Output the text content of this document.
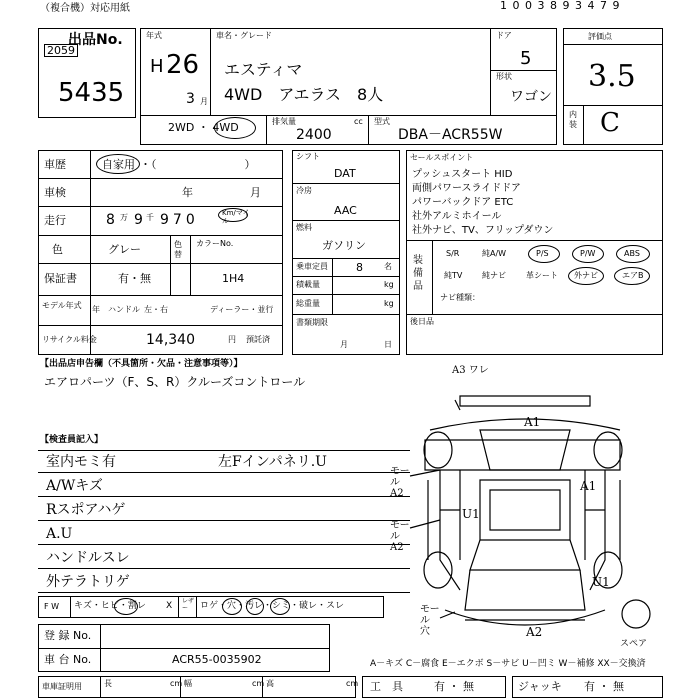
（複合機）対応用紙	1 0 0 3 8 9 3 4 7 9
出品No.
2059
5435
年式
H 26
3 月
車名・グレード
エスティマ
4WD　アエラス　8人
ドア
5
形状
ワゴン
2WD ・ 4WD	排気量	cc
2400
型式
DBA－ACR55W
評価点
3.5
内装 C
車歴	自家用 ・（　　　　　　　　）
車検	年	月
走行	8 万 9 千 970	Km/マイル
色	グレー	色替
カラーNo.
保証書	有・無	1H4
モデル年式	年 ハンドル 左・右	ディーラー・並行
リサイクル料金	14,340	円 預託済
シフト
DAT
冷房
AAC
燃料
ガソリン
乗車定員	8	名
積載量	kg
総重量	kg
書類期限
月	日
セールスポイント
プッシュスタート HID
両側パワースライドドア
パワーバックドア ETC
社外アルミホイール
社外ナビ、TV、フリップダウン
装備品
S/R	純A/W	P/S	P/W	ABS
純TV 純ナビ	革シート 外ナビ	エアB
ナビ種類：
後日品
【出品店申告欄（不具箇所・欠品・注意事項等）】
エアロパーツ（F、S、R）クルーズコントロール
【検査員記入】
室内モミ有
A/Wキズ
Rスポアハゲ
A.U
ハンドルスレ
外テラトリゲ
左Fインパネリ.U
F W キズ・ヒビ・割レ X レザー	ロゲ・穴・汚レ・シミ・破レ・スレ
登 録 No.
車 台 No.	ACR55-0035902
車庫証明用	長	cm 幅	cm 高	cm 工　具	有 ・ 無	ジャッキ 有 ・ 無
A－キズ C－腐食 E－エクボ S－サビ U－凹ミ W－補修 XX－交換済
A3 ワレ
A1
A1
モール A2
U1
モール A2
U1
モール 穴	A2
スペア
